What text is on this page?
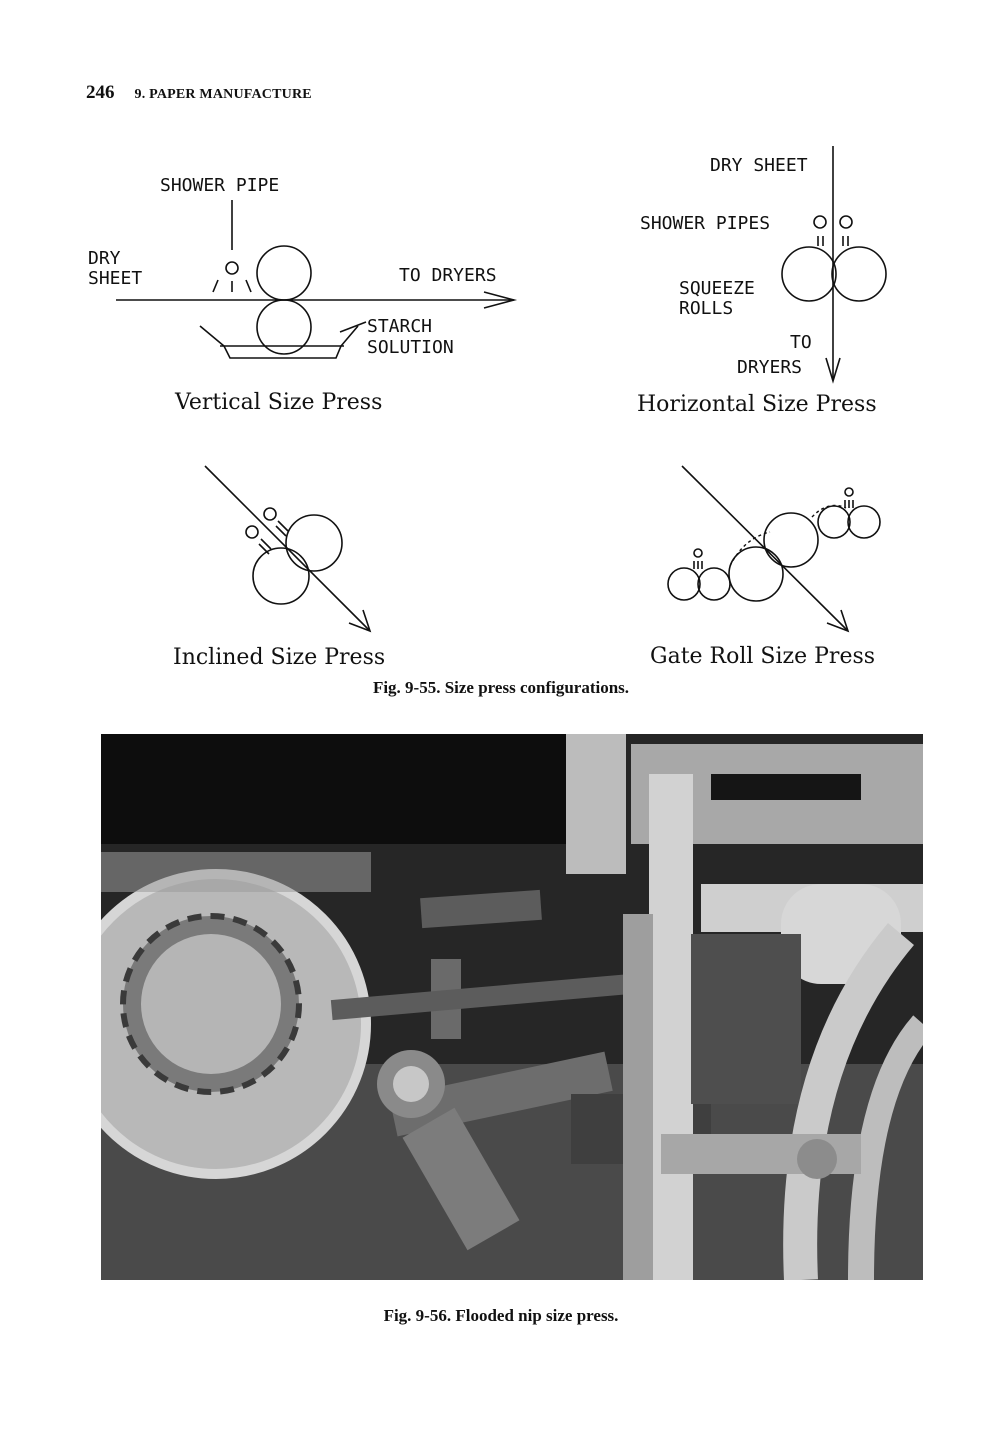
246 9. PAPER MANUFACTURE
SHOWER PIPE
DRY
SHEET	TO DRYERS
STARCH
SOLUTION
Vertical Size Press
DRY SHEET
SHOWER PIPES
SQUEEZE
ROLLS
TO
DRYERS
Horizontal Size Press
Inclined Size Press	Gate Roll Size Press
Fig. 9-55. Size press configurations.
Fig. 9-56. Flooded nip size press.
